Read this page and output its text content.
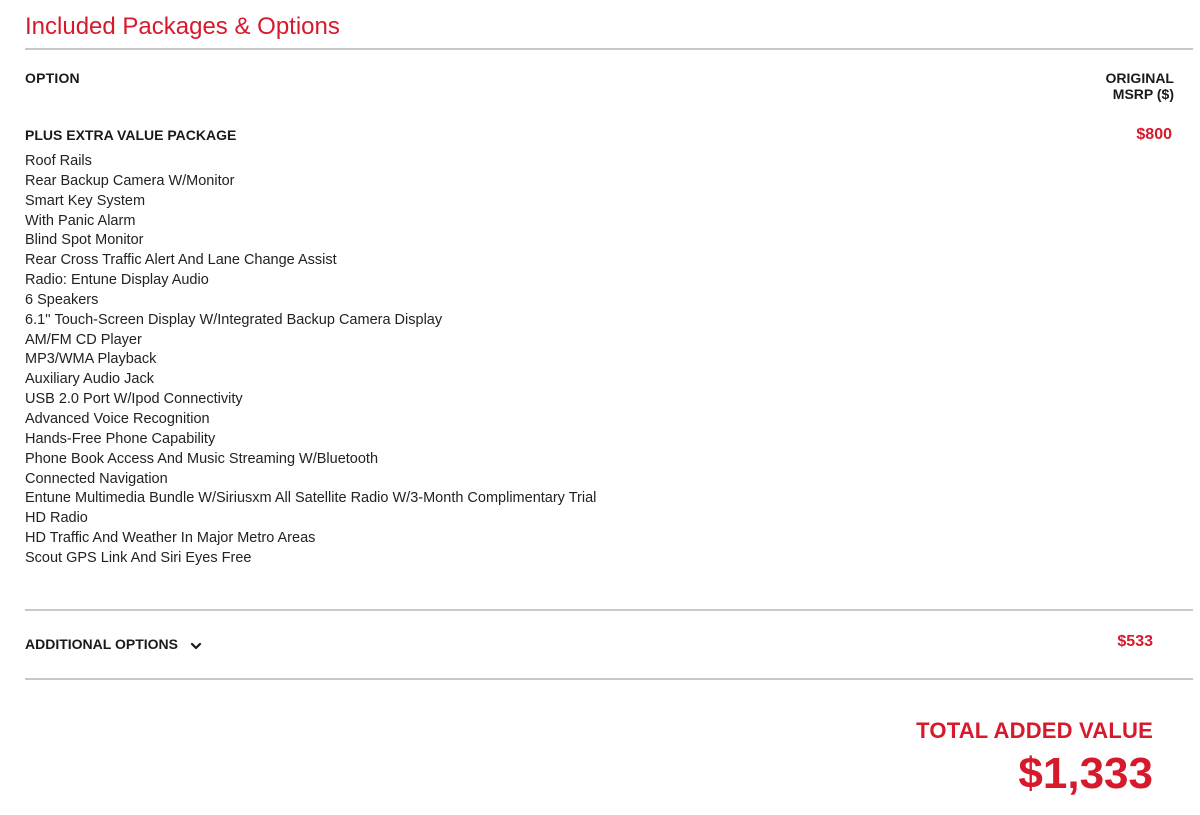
Included Packages & Options
OPTION	ORIGINAL
MSRP ($)
PLUS EXTRA VALUE PACKAGE	$800
Roof Rails
Rear Backup Camera W/Monitor
Smart Key System
With Panic Alarm
Blind Spot Monitor
Rear Cross Traffic Alert And Lane Change Assist
Radio: Entune Display Audio
6 Speakers
6.1'' Touch-Screen Display W/Integrated Backup Camera Display
AM/FM CD Player
MP3/WMA Playback
Auxiliary Audio Jack
USB 2.0 Port W/Ipod Connectivity
Advanced Voice Recognition
Hands-Free Phone Capability
Phone Book Access And Music Streaming W/Bluetooth
Connected Navigation
Entune Multimedia Bundle W/Siriusxm All Satellite Radio W/3-Month Complimentary Trial
HD Radio
HD Traffic And Weather In Major Metro Areas
Scout GPS Link And Siri Eyes Free
ADDITIONAL OPTIONS	$533
TOTAL ADDED VALUE
$1,333
